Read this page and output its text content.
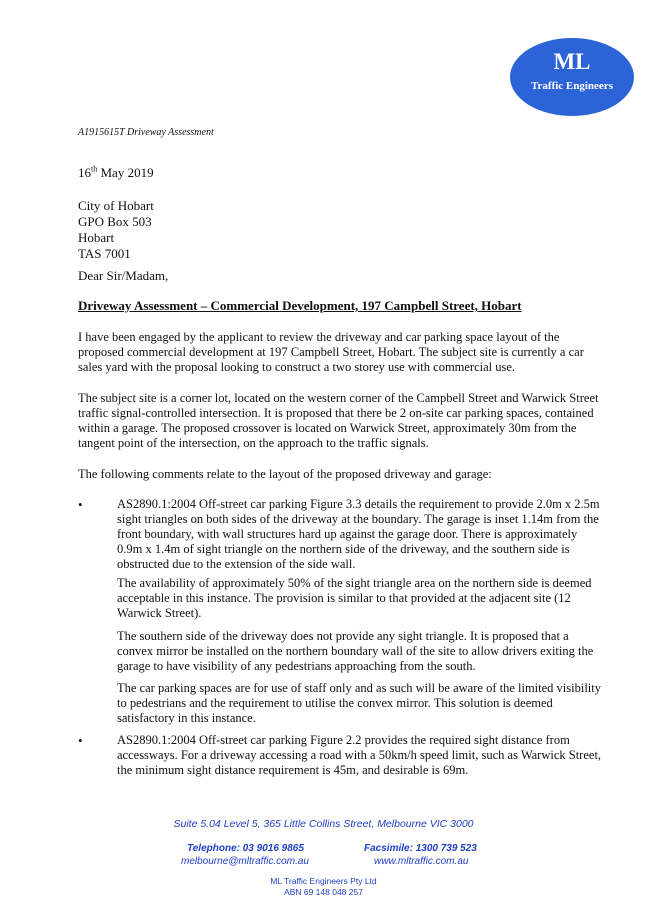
ML
Traffic Engineers
A1915615T Driveway Assessment
16th May 2019
City of Hobart
GPO Box 503
Hobart
TAS 7001
Dear Sir/Madam,
Driveway Assessment – Commercial Development, 197 Campbell Street, Hobart

I have been engaged by the applicant to review the driveway and car parking space layout of the proposed commercial development at 197 Campbell Street, Hobart. The subject site is currently a car sales yard with the proposal looking to construct a two storey use with commercial use.

The subject site is a corner lot, located on the western corner of the Campbell Street and Warwick Street traffic signal-controlled intersection. It is proposed that there be 2 on-site car parking spaces, contained within a garage. The proposed crossover is located on Warwick Street, approximately 30m from the tangent point of the intersection, on the approach to the traffic signals.

The following comments relate to the layout of the proposed driveway and garage:

•	AS2890.1:2004 Off-street car parking Figure 3.3 details the requirement to provide 2.0m x 2.5m sight triangles on both sides of the driveway at the boundary. The garage is inset 1.14m from the front boundary, with wall structures hard up against the garage door. There is approximately 0.9m x 1.4m of sight triangle on the northern side of the driveway, and the southern side is obstructed due to the extension of the side wall.

The availability of approximately 50% of the sight triangle area on the northern side is deemed acceptable in this instance. The provision is similar to that provided at the adjacent site (12 Warwick Street).

The southern side of the driveway does not provide any sight triangle. It is proposed that a convex mirror be installed on the northern boundary wall of the site to allow drivers exiting the garage to have visibility of any pedestrians approaching from the south.

The car parking spaces are for use of staff only and as such will be aware of the limited visibility to pedestrians and the requirement to utilise the convex mirror. This solution is deemed satisfactory in this instance.

•	AS2890.1:2004 Off-street car parking Figure 2.2 provides the required sight distance from accessways. For a driveway accessing a road with a 50km/h speed limit, such as Warwick Street, the minimum sight distance requirement is 45m, and desirable is 69m.

Suite 5.04 Level 5, 365 Little Collins Street, Melbourne VIC 3000
Telephone: 03 9016 9865	Facsimile: 1300 739 523
melbourne@mltraffic.com.au	www.mltraffic.com.au
ML Traffic Engineers Pty Ltd
ABN 69 148 048 257
